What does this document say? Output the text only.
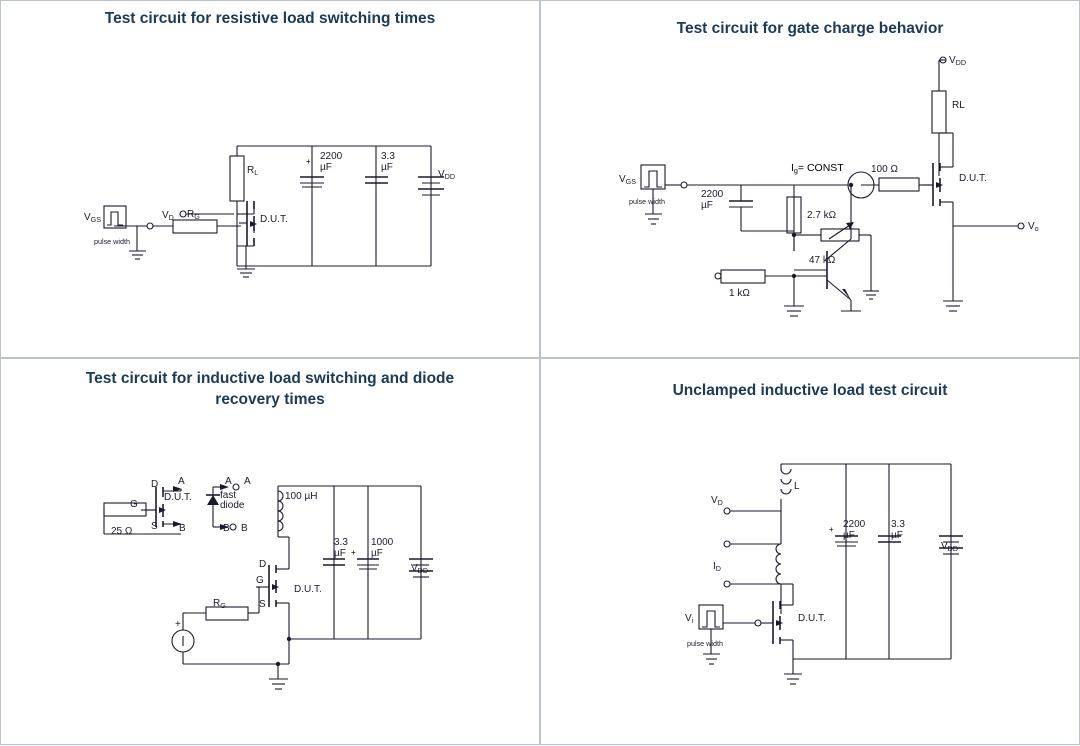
Test circuit for resistive load switching times
$R_L$
+ 2200
µF
3.3
µF
$V_{DD}$
$V_D$ $R_G$
$V_{GS}$
pulse width
D.U.T.
Test circuit for gate charge behavior
$V_{DD}$
RL
D.U.T.
$V_o$
100 Ω
2.7 kΩ
47 kΩ
1 kΩ
2200
µF
$V_{GS}$
pulse width
Ig= CONST
Test circuit for inductive load switching and diode
recovery times
A	A A
B	B B
D
G
S
D.U.T.	fast
diode
100 µH
25 Ω
3.3
µF +
1000
µF
$V_{DD}$
$R_G$
+
D
G
S
D.U.T.
Unclamped inductive load test circuit
L
$V_D$
$I_D$
+ 2200
µF
3.3
µF
$V_{DD}$
D.U.T.
$V_i$
pulse width
